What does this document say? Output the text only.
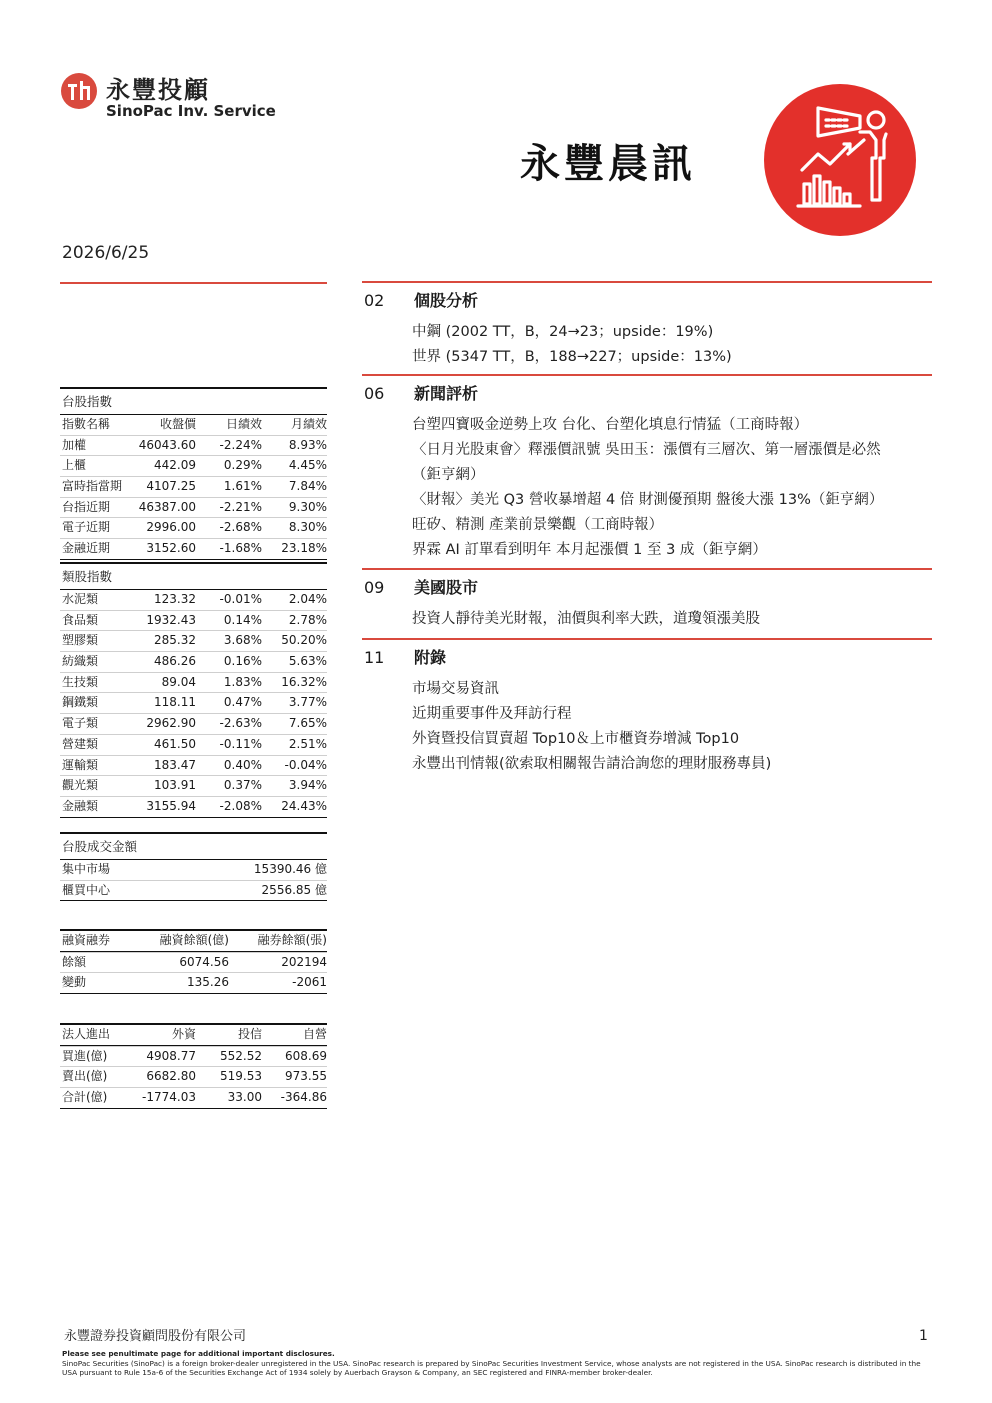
永豐投顧
SinoPac Inv. Service
永豐晨訊
2026/6/25
台股指數
指數名稱	收盤價	日績效	月績效
加權	46043.60	-2.24%	8.93%
上櫃	442.09	0.29%	4.45%
富時指當期	4107.25	1.61%	7.84%
台指近期	46387.00	-2.21%	9.30%
電子近期	2996.00	-2.68%	8.30%
金融近期	3152.60	-1.68%	23.18%
類股指數
水泥類	123.32	-0.01%	2.04%
食品類	1932.43	0.14%	2.78%
塑膠類	285.32	3.68%	50.20%
紡織類	486.26	0.16%	5.63%
生技類	89.04	1.83%	16.32%
鋼鐵類	118.11	0.47%	3.77%
電子類	2962.90	-2.63%	7.65%
營建類	461.50	-0.11%	2.51%
運輸類	183.47	0.40%	-0.04%
觀光類	103.91	0.37%	3.94%
金融類	3155.94	-2.08%	24.43%
台股成交金額
集中市場	15390.46 億
櫃買中心	2556.85 億
融資融券	融資餘額(億)	融券餘額(張)
餘額	6074.56	202194
變動	135.26	-2061
法人進出	外資	投信	自營
買進(億)	4908.77	552.52	608.69
賣出(億)	6682.80	519.53	973.55
合計(億)	-1774.03	33.00	-364.86
02	個股分析
中鋼 (2002 TT，B，24→23；upside：19%)
世界 (5347 TT，B，188→227；upside：13%)
06	新聞評析
台塑四寶吸金逆勢上攻 台化、台塑化填息行情猛（工商時報）
〈日月光股東會〉釋漲價訊號 吳田玉：漲價有三層次、第一層漲價是必然
（鉅亨網）
〈財報〉美光 Q3 營收暴增超 4 倍 財測優預期 盤後大漲 13%（鉅亨網）
旺矽、精測 產業前景樂觀（工商時報）
界霖 AI 訂單看到明年 本月起漲價 1 至 3 成（鉅亨網）
09	美國股市
投資人靜待美光財報，油價與利率大跌，道瓊領漲美股
11	附錄
市場交易資訊
近期重要事件及拜訪行程
外資暨投信買賣超 Top10＆上市櫃資券增減 Top10
永豐出刊情報(欲索取相關報告請洽詢您的理財服務專員)
永豐證券投資顧問股份有限公司	1
Please see penultimate page for additional important disclosures.
SinoPac Securities (SinoPac) is a foreign broker-dealer unregistered in the USA. SinoPac research is prepared by SinoPac Securities Investment Service, whose analysts are not registered in the USA. SinoPac research is distributed in the USA pursuant to Rule 15a-6 of the Securities Exchange Act of 1934 solely by Auerbach Grayson & Company, an SEC registered and FINRA-member broker-dealer.
